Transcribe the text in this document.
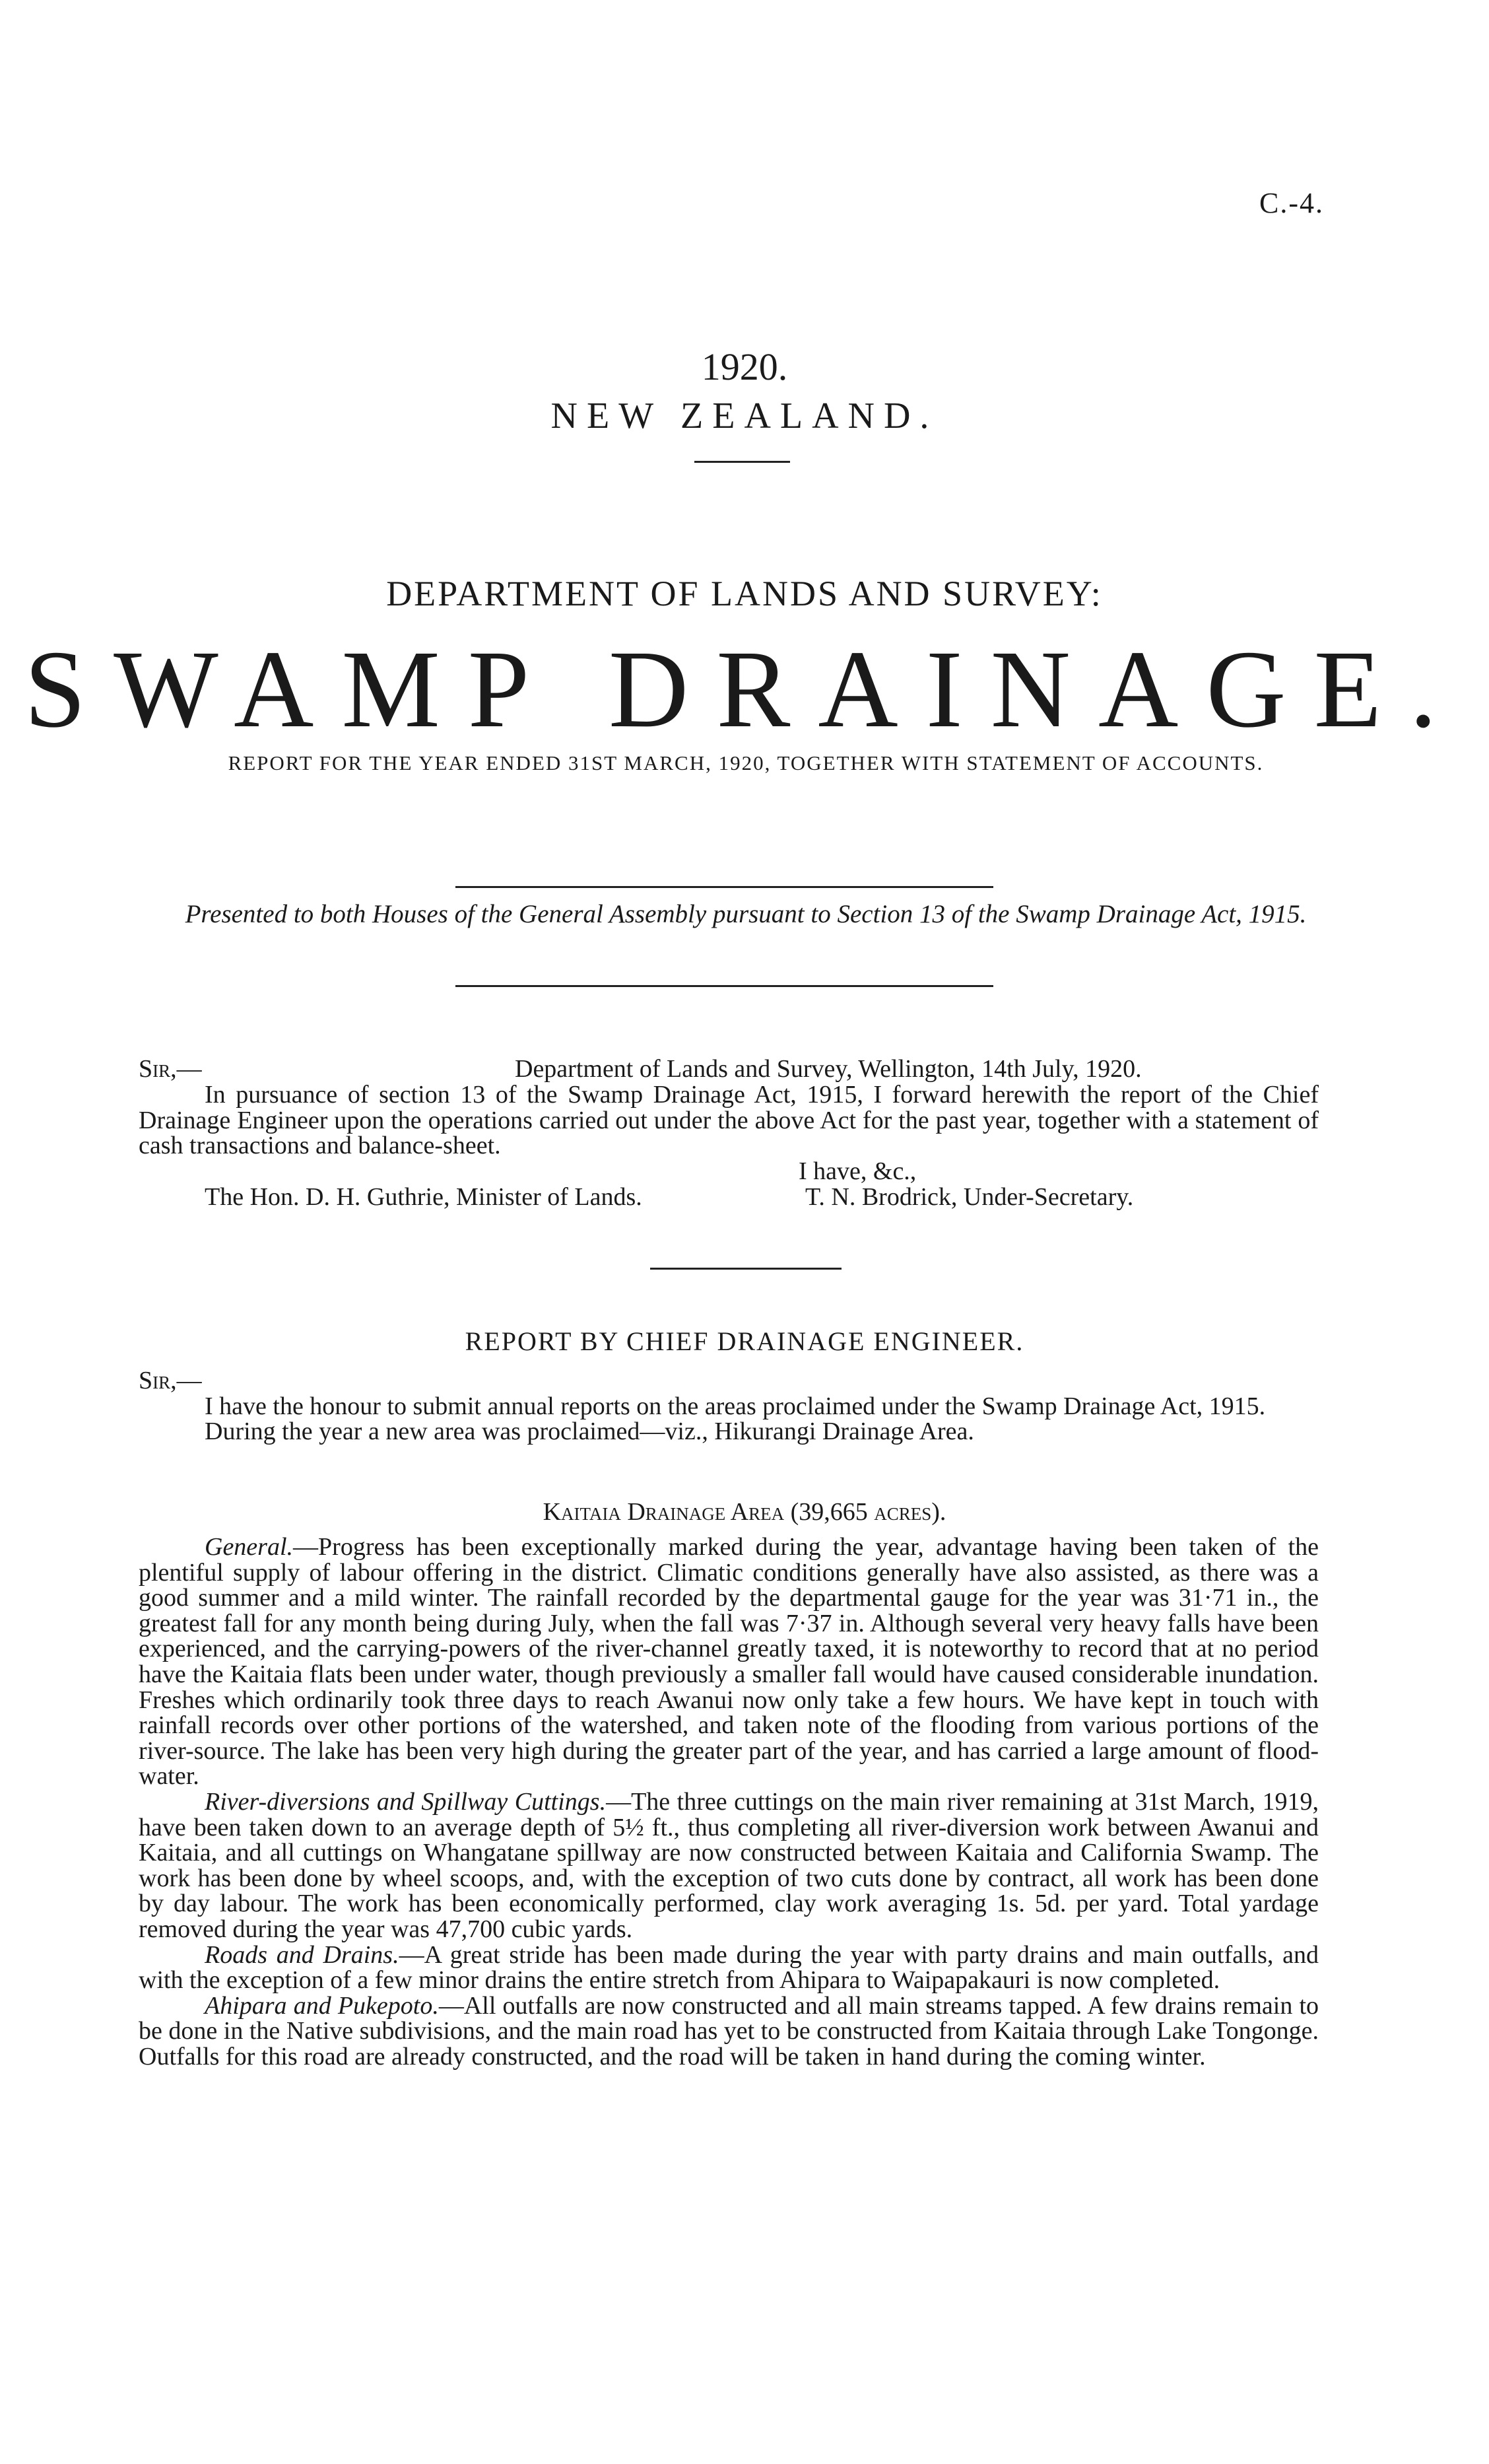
C.-4.
1920.
NEW ZEALAND.
DEPARTMENT OF LANDS AND SURVEY:
SWAMP DRAINAGE.
REPORT FOR THE YEAR ENDED 31ST MARCH, 1920, TOGETHER WITH STATEMENT OF ACCOUNTS.
Presented to both Houses of the General Assembly pursuant to Section 13 of the Swamp Drainage Act, 1915.
Sir,—	Department of Lands and Survey, Wellington, 14th July, 1920.

In pursuance of section 13 of the Swamp Drainage Act, 1915, I forward herewith the report of the Chief Drainage Engineer upon the operations carried out under the above Act for the past year, together with a statement of cash transactions and balance-sheet.

I have, &c.,
The Hon. D. H. Guthrie, Minister of Lands.	T. N. Brodrick, Under-Secretary.
REPORT BY CHIEF DRAINAGE ENGINEER.

Sir,—

I have the honour to submit annual reports on the areas proclaimed under the Swamp Drainage Act, 1915.

During the year a new area was proclaimed—viz., Hikurangi Drainage Area.

Kaitaia Drainage Area (39,665 acres).

General.—Progress has been exceptionally marked during the year, advantage having been taken of the plentiful supply of labour offering in the district. Climatic conditions generally have also assisted, as there was a good summer and a mild winter. The rainfall recorded by the departmental gauge for the year was 31·71 in., the greatest fall for any month being during July, when the fall was 7·37 in. Although several very heavy falls have been experienced, and the carrying-powers of the river-channel greatly taxed, it is noteworthy to record that at no period have the Kaitaia flats been under water, though previously a smaller fall would have caused considerable inundation. Freshes which ordinarily took three days to reach Awanui now only take a few hours. We have kept in touch with rainfall records over other portions of the watershed, and taken note of the flooding from various portions of the river-source. The lake has been very high during the greater part of the year, and has carried a large amount of flood-water.

River-diversions and Spillway Cuttings.—The three cuttings on the main river remaining at 31st March, 1919, have been taken down to an average depth of 5½ ft., thus completing all river-diversion work between Awanui and Kaitaia, and all cuttings on Whangatane spillway are now constructed between Kaitaia and California Swamp. The work has been done by wheel scoops, and, with the exception of two cuts done by contract, all work has been done by day labour. The work has been economically performed, clay work averaging 1s. 5d. per yard. Total yardage removed during the year was 47,700 cubic yards.

Roads and Drains.—A great stride has been made during the year with party drains and main outfalls, and with the exception of a few minor drains the entire stretch from Ahipara to Waipapakauri is now completed.

Ahipara and Pukepoto.—All outfalls are now constructed and all main streams tapped. A few drains remain to be done in the Native subdivisions, and the main road has yet to be constructed from Kaitaia through Lake Tongonge. Outfalls for this road are already constructed, and the road will be taken in hand during the coming winter.
